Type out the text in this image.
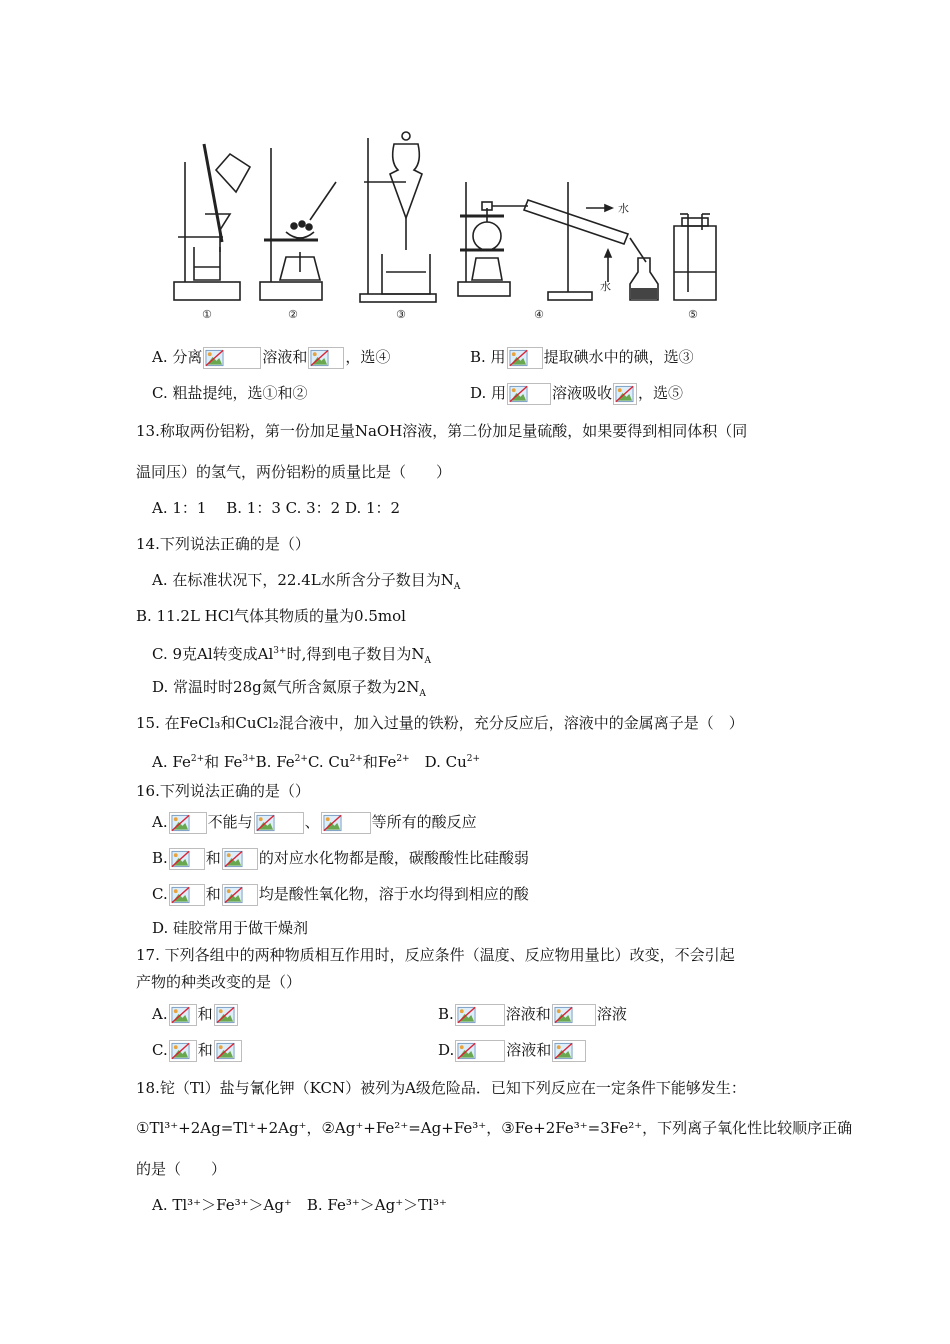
①	②	③	④	⑤
水
水
A. 分离	溶液和	，选④	B. 用	提取碘水中的碘，选③
C. 粗盐提纯，选①和②	D. 用	溶液吸收 ，选⑤
13.称取两份铝粉，第一份加足量NaOH溶液，第二份加足量硫酸，如果要得到相同体积（同
温同压）的氢气，两份铝粉的质量比是（　　）
A. 1：1　 B. 1：3 C. 3：2 D. 1：2
14.下列说法正确的是（）
A. 在标准状况下，22.4L水所含分子数目为$N_A$
B. 11.2L HCl气体其物质的量为0.5mol
C. 9克Al转变成$Al^{3+}$时,得到电子数目为$N_A$
D. 常温时时28g氮气所含氮原子数为$2N_A$
15. 在FeCl₃和CuCl₂混合液中，加入过量的铁粉，充分反应后，溶液中的金属离子是（　）
A. $Fe^{2+}$和 $Fe^{3+}B$. $Fe^{2+}C$. $Cu^{2+}$和$Fe^{2+}$　D. $Cu^{2+}$
16.下列说法正确的是（）
A.	不能与	、	等所有的酸反应
B.	和	的对应水化物都是酸，碳酸酸性比硅酸弱
C.	和	均是酸性氧化物，溶于水均得到相应的酸
D. 硅胶常用于做干燥剂
17. 下列各组中的两种物质相互作用时，反应条件（温度、反应物用量比）改变，不会引起
产物的种类改变的是（）
A. 和	B.	溶液和	溶液
C. 和	D.	溶液和
18.铊（Tl）盐与氰化钾（KCN）被列为A级危险品．已知下列反应在一定条件下能够发生：
①Tl³⁺+2Ag=Tl⁺+2Ag⁺，②Ag⁺+Fe²⁺=Ag+Fe³⁺，③Fe+2Fe³⁺=3Fe²⁺，下列离子氧化性比较顺序正确
的是（　　）
A. Tl³⁺＞Fe³⁺＞Ag⁺　B. Fe³⁺＞Ag⁺＞Tl³⁺
